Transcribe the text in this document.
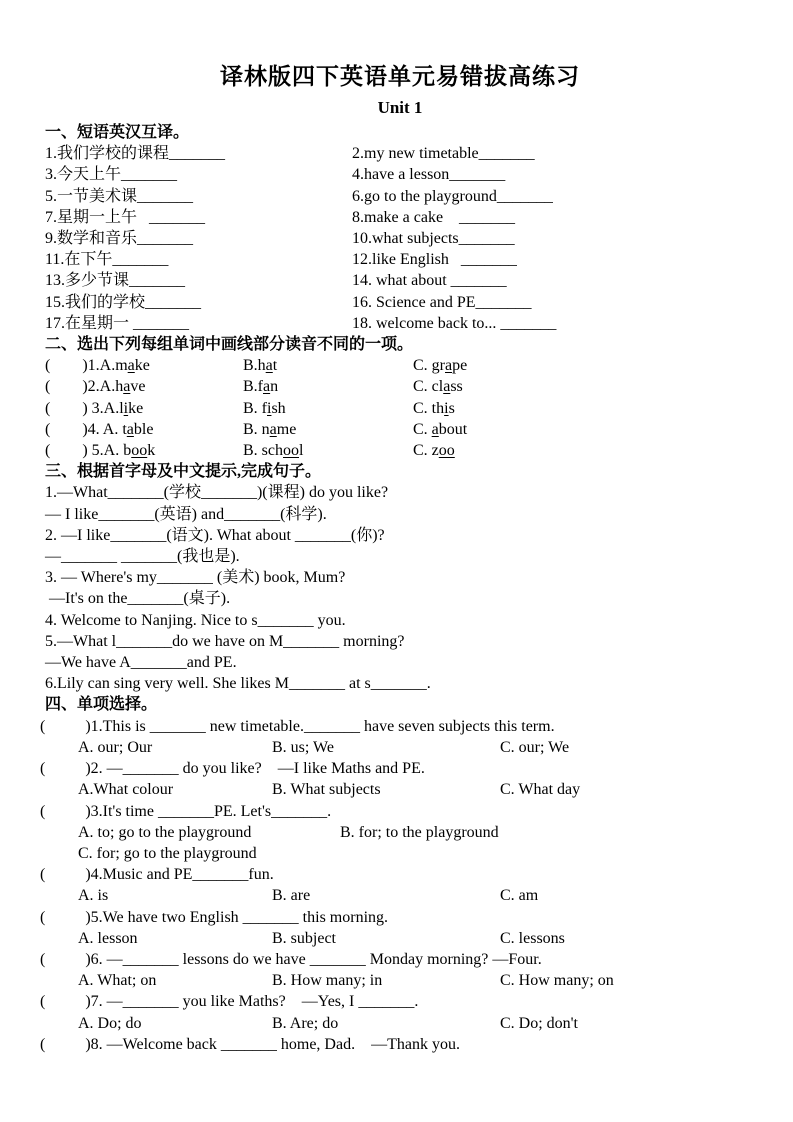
译林版四下英语单元易错拔高练习
Unit 1
一、短语英汉互译。
1.我们学校的课程_______	2.my new timetable_______
3.今天上午_______	4.have a lesson_______
5.一节美术课_______	6.go to the playground_______
7.星期一上午   _______	8.make a cake    _______
9.数学和音乐_______	10.what subjects_______
11.在下午_______	12.like English   _______
13.多少节课_______	14. what about _______
15.我们的学校_______	16. Science and PE_______
17.在星期一 _______	18. welcome back to... _______
二、选出下列每组单词中画线部分读音不同的一项。
(        )1.A.make	B.hat	C. grape
(        )2.A.have	B.fan	C. class
(        ) 3.A.like	B. fish	C. this
(        )4. A. table	B. name	C. about
(        ) 5.A. book	B. school	C. zoo
三、根据首字母及中文提示,完成句子。
1.—What_______(学校_______)(课程) do you like?
— I like_______(英语) and_______(科学).
2. —I like_______(语文). What about _______(你)?
—_______ _______(我也是).
3. — Where's my_______ (美术) book, Mum?
—It's on the_______(桌子).
4. Welcome to Nanjing. Nice to s_______ you.
5.—What l_______do we have on M_______ morning?
—We have A_______and PE.
6.Lily can sing very well. She likes M_______ at s_______.
四、单项选择。
(          )1.This is _______ new timetable._______ have seven subjects this term.
A. our; Our	B. us; We	C. our; We
(          )2. —_______ do you like?    —I like Maths and PE.
A.What colour	B. What subjects	C. What day
(          )3.It's time _______PE. Let's_______.
A. to; go to the playground	B. for; to the playground
C. for; go to the playground
(          )4.Music and PE_______fun.
A. is	B. are	C. am
(          )5.We have two English _______ this morning.
A. lesson	B. subject	C. lessons
(          )6. —_______ lessons do we have _______ Monday morning? —Four.
A. What; on	B. How many; in	C. How many; on
(          )7. —_______ you like Maths?    —Yes, I _______.
A. Do; do	B. Are; do	C. Do; don't
(          )8. —Welcome back _______ home, Dad.    —Thank you.
